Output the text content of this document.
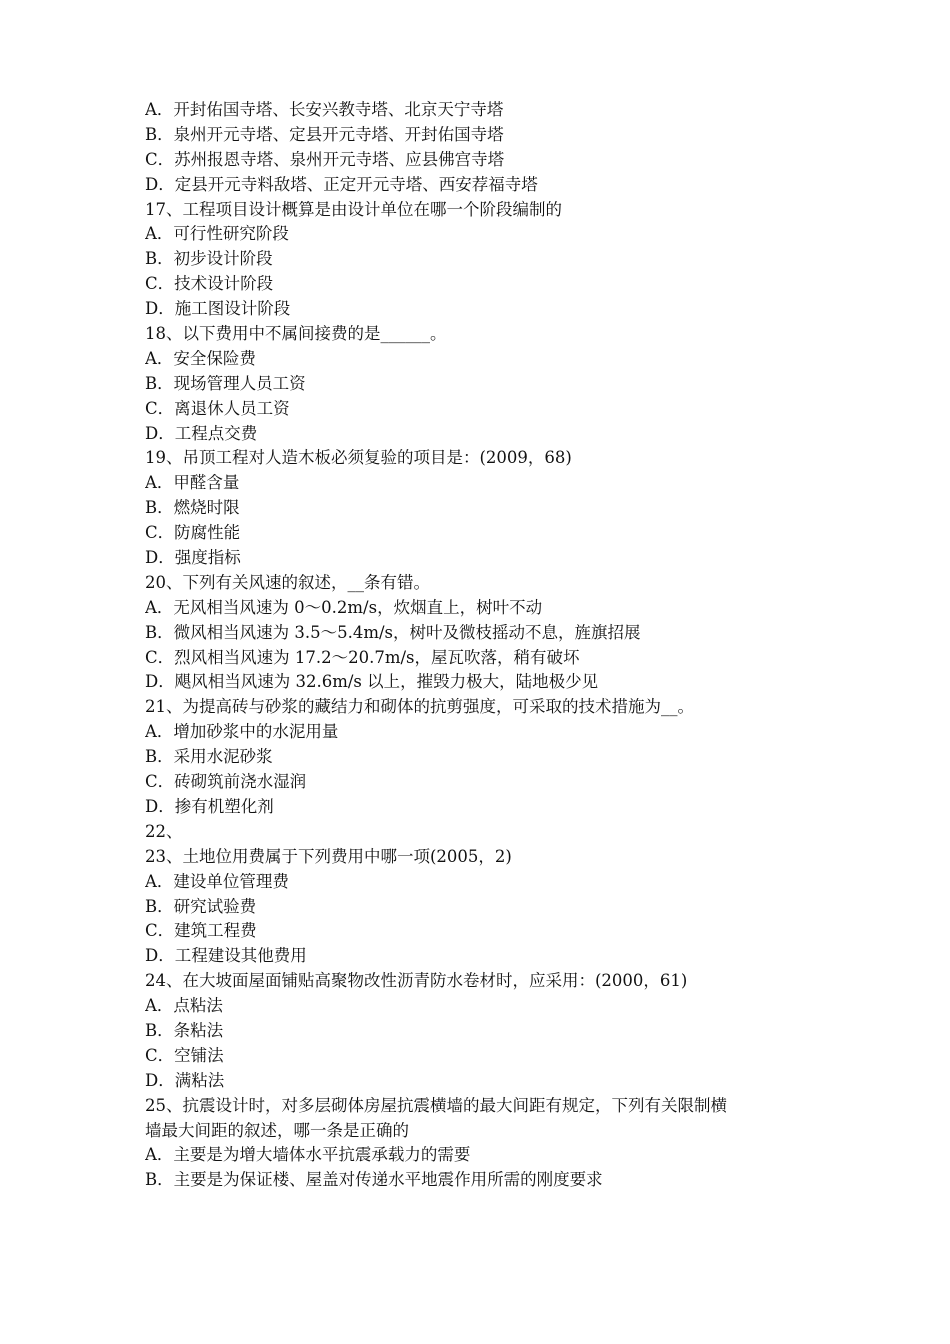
A．开封佑国寺塔、长安兴教寺塔、北京天宁寺塔
B．泉州开元寺塔、定县开元寺塔、开封佑国寺塔
C．苏州报恩寺塔、泉州开元寺塔、应县佛宫寺塔
D．定县开元寺料敌塔、正定开元寺塔、西安荐福寺塔
17、工程项目设计概算是由设计单位在哪一个阶段编制的
A．可行性研究阶段
B．初步设计阶段
C．技术设计阶段
D．施工图设计阶段
18、以下费用中不属间接费的是______。
A．安全保险费
B．现场管理人员工资
C．离退休人员工资
D．工程点交费
19、吊顶工程对人造木板必须复验的项目是：(2009，68)
A．甲醛含量
B．燃烧时限
C．防腐性能
D．强度指标
20、下列有关风速的叙述，__条有错。
A．无风相当风速为 0～0.2m/s，炊烟直上，树叶不动
B．微风相当风速为 3.5～5.4m/s，树叶及微枝摇动不息，旌旗招展
C．烈风相当风速为 17.2～20.7m/s，屋瓦吹落，稍有破坏
D．飓风相当风速为 32.6m/s 以上，摧毁力极大，陆地极少见
21、为提高砖与砂浆的藏结力和砌体的抗剪强度，可采取的技术措施为__。
A．增加砂浆中的水泥用量
B．采用水泥砂浆
C．砖砌筑前浇水湿润
D．掺有机塑化剂
22、
23、土地位用费属于下列费用中哪一项(2005，2)
A．建设单位管理费
B．研究试验费
C．建筑工程费
D．工程建设其他费用
24、在大坡面屋面铺贴高聚物改性沥青防水卷材时，应采用：(2000，61)
A．点粘法
B．条粘法
C．空铺法
D．满粘法
25、抗震设计时，对多层砌体房屋抗震横墙的最大间距有规定，下列有关限制横
墙最大间距的叙述，哪一条是正确的
A．主要是为增大墙体水平抗震承载力的需要
B．主要是为保证楼、屋盖对传递水平地震作用所需的刚度要求
